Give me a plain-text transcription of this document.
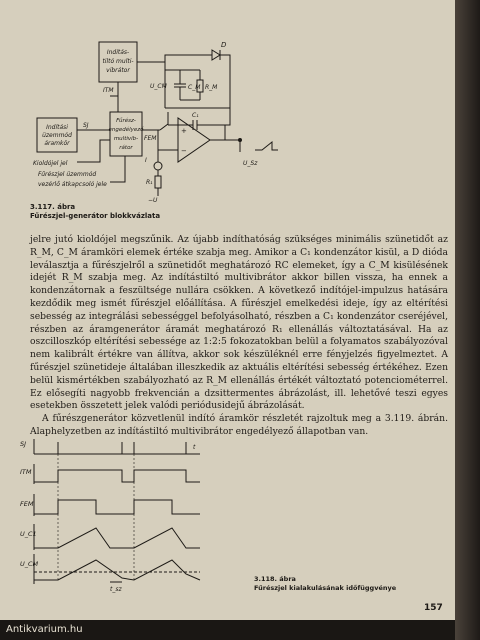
Indítás-
tiltó multi-
vibrátor
ITM
D
U_CM	C_M R_M
Indítási
üzemmód
áramkör
SJ
Fűrész-
engedélyező
multivib-
rátor
FEM
+
−
C₁
I
R₁
−U
U_Sz
Kioldójel jel
Fűrészjel üzemmód
vezérlő átkapcsoló jele
3.117. ábra
Fűrészjel-generátor blokkvázlata

jelre jutó kioldójel megszűnik. Az újabb indíthatóság szükséges minimális szünetidőt az R_M, C_M áramköri elemek értéke szabja meg. Amikor a C₁ kondenzátor kisül, a D dióda leválasztja a fűrészjelről a szünetidőt meghatározó RC elemeket, így a C_M kisülésének idejét R_M szabja meg. Az indítástiltó multivibrátor akkor billen vissza, ha ennek a kondenzátornak a feszültsége nullára csökken. A következő indítójel-impulzus hatására kezdődik meg ismét fűrészjel előállítása. A fűrészjel emelkedési ideje, így az eltérítési sebesség az integrálási sebességgel befolyásolható, részben a C₁ kondenzátor cseréjével, részben az áramgenerátor áramát meghatározó R₁ ellenállás változtatásával. Ha az oszcilloszkóp eltérítési sebessége az 1:2:5 fokozatokban belül a folyamatos szabályozóval nem kalibrált értékre van állítva, akkor sok készüléknél erre fényjelzés figyelmeztet. A fűrészjel szünetideje általában illeszkedik az aktuális eltérítési sebesség értékéhez. Ezen belül kismértékben szabályozható az R_M ellenállás értékét változtató potenciométerrel. Ez elősegíti nagyobb frekvencián a dzsittermentes ábrázolást, ill. lehetővé teszi egyes esetekben összetett jelek valódi periódusidejű ábrázolását.

A fűrészgenerátor közvetlenül indító áramkör részletét rajzoltuk meg a 3.119. ábrán. Alaphelyzetben az indítástiltó multivibrátor engedélyező állapotban van.

SJ	t
ITM
FEM
U_C1
U_CM
t_sz
3.118. ábra
Fűrészjel kialakulásának időfüggvénye
157
Antikvarium.hu
